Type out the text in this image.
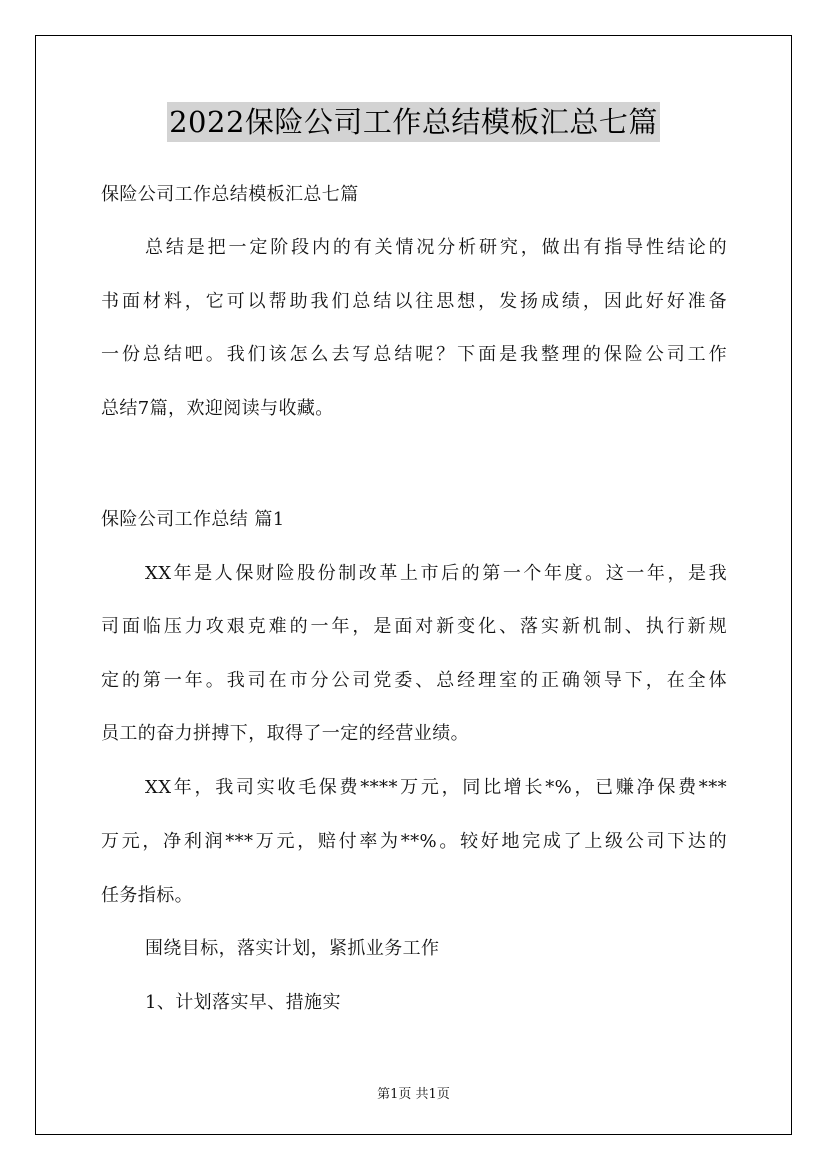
2022保险公司工作总结模板汇总七篇
保险公司工作总结模板汇总七篇
总结是把一定阶段内的有关情况分析研究，做出有指导性结论的
书面材料，它可以帮助我们总结以往思想，发扬成绩，因此好好准备
一份总结吧。我们该怎么去写总结呢？下面是我整理的保险公司工作
总结7篇，欢迎阅读与收藏。
保险公司工作总结 篇1
XX年是人保财险股份制改革上市后的第一个年度。这一年，是我
司面临压力攻艰克难的一年，是面对新变化、落实新机制、执行新规
定的第一年。我司在市分公司党委、总经理室的正确领导下，在全体
员工的奋力拼搏下，取得了一定的经营业绩。
XX年，我司实收毛保费****万元，同比增长*%，已赚净保费***
万元，净利润***万元，赔付率为**%。较好地完成了上级公司下达的
任务指标。
围绕目标，落实计划，紧抓业务工作
1、计划落实早、措施实
第1页 共1页
